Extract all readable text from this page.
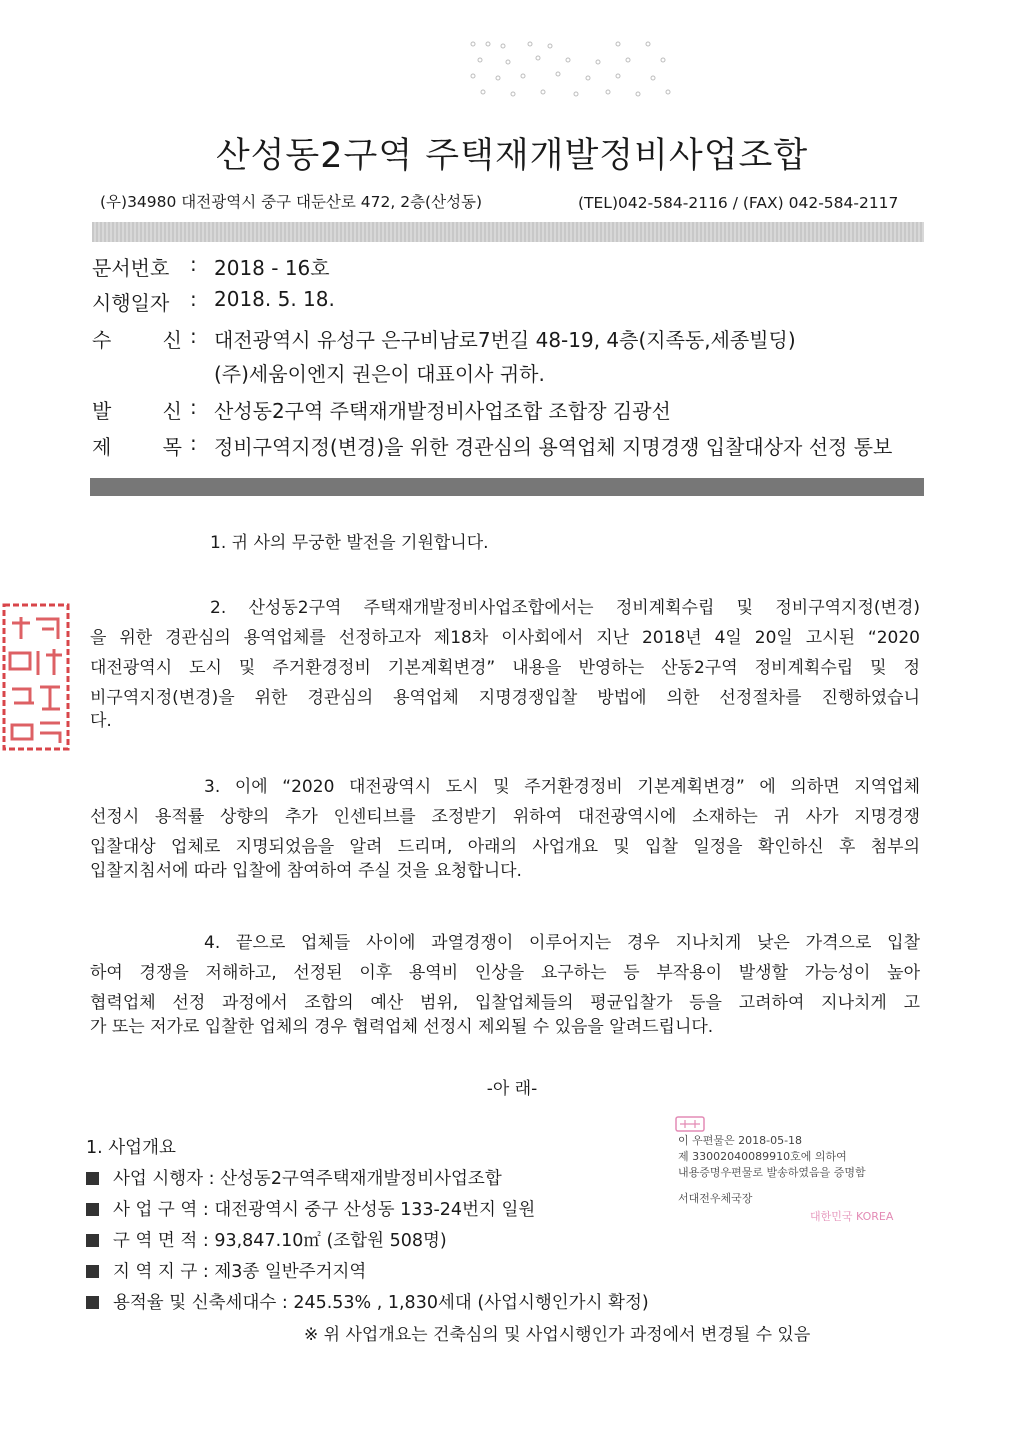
산성동2구역 주택재개발정비사업조합
(우)34980 대전광역시 중구 대둔산로 472, 2층(산성동)	(TEL)042-584-2116 / (FAX) 042-584-2117
문서번호 : 2018 - 16호
시행일자 : 2018. 5. 18.
수 신 : 대전광역시 유성구 은구비남로7번길 48-19, 4층(지족동,세종빌딩)
(주)세움이엔지 권은이 대표이사 귀하.
발 신 : 산성동2구역 주택재개발정비사업조합 조합장 김광선
제 목 : 정비구역지정(변경)을 위한 경관심의 용역업체 지명경쟁 입찰대상자 선정 통보
1. 귀 사의 무궁한 발전을 기원합니다.
2. 산성동2구역 주택재개발정비사업조합에서는 정비계획수립 및 정비구역지정(변경)
을 위한 경관심의 용역업체를 선정하고자 제18차 이사회에서 지난 2018년 4일 20일 고시된 “2020
대전광역시 도시 및 주거환경정비 기본계획변경” 내용을 반영하는 산동2구역 정비계획수립 및 정
비구역지정(변경)을 위한 경관심의 용역업체 지명경쟁입찰 방법에 의한 선정절차를 진행하였습니
다.
3. 이에 “2020 대전광역시 도시 및 주거환경정비 기본계획변경” 에 의하면 지역업체
선정시 용적률 상향의 추가 인센티브를 조정받기 위하여 대전광역시에 소재하는 귀 사가 지명경쟁
입찰대상 업체로 지명되었음을 알려 드리며, 아래의 사업개요 및 입찰 일정을 확인하신 후 첨부의
입찰지침서에 따라 입찰에 참여하여 주실 것을 요청합니다.
4. 끝으로 업체들 사이에 과열경쟁이 이루어지는 경우 지나치게 낮은 가격으로 입찰
하여 경쟁을 저해하고, 선정된 이후 용역비 인상을 요구하는 등 부작용이 발생할 가능성이 높아
협력업체 선정 과정에서 조합의 예산 범위, 입찰업체들의 평균입찰가 등을 고려하여 지나치게 고
가 또는 저가로 입찰한 업체의 경우 협력업체 선정시 제외될 수 있음을 알려드립니다.
-아 래-
1. 사업개요
사업 시행자 : 산성동2구역주택재개발정비사업조합
사 업 구 역 : 대전광역시 중구 산성동 133-24번지 일원
구 역 면 적 : 93,847.10㎡ (조합원 508명)
지 역 지 구 : 제3종 일반주거지역
용적율 및 신축세대수 : 245.53% , 1,830세대 (사업시행인가시 확정)
※ 위 사업개요는 건축심의 및 사업시행인가 과정에서 변경될 수 있음
이 우편물은 2018-05-18
제 33002040089910호에 의하여
내용증명우편물로 발송하였음을 증명함
서대전우체국장
대한민국 KOREA
